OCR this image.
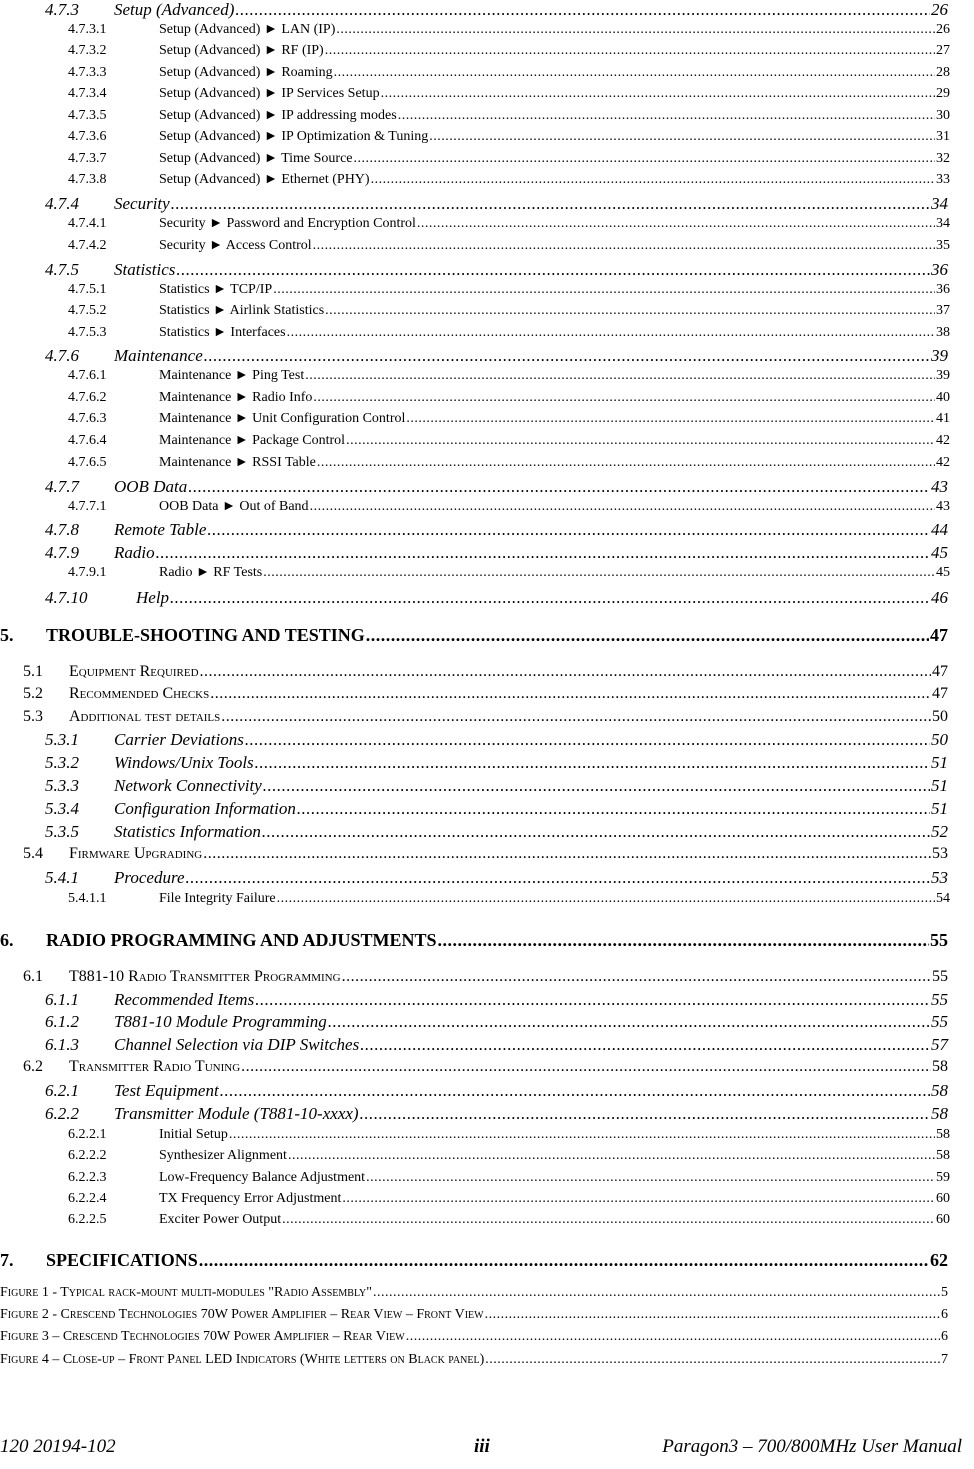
4.7.3	Setup (Advanced) .....	26
4.7.3.1	Setup (Advanced) ► LAN (IP) .....	26
4.7.3.2	Setup (Advanced) ► RF (IP) .....	27
4.7.3.3	Setup (Advanced) ► Roaming .....	28
4.7.3.4	Setup (Advanced) ► IP Services Setup .....	29
4.7.3.5	Setup (Advanced) ► IP addressing modes .....	30
4.7.3.6	Setup (Advanced) ► IP Optimization & Tuning .....	31
4.7.3.7	Setup (Advanced) ► Time Source .....	32
4.7.3.8	Setup (Advanced) ► Ethernet (PHY) .....	33
4.7.4	Security .....	34
4.7.4.1	Security ► Password and Encryption Control .....	34
4.7.4.2	Security ► Access Control .....	35
4.7.5	Statistics .....	36
4.7.5.1	Statistics ► TCP/IP .....	36
4.7.5.2	Statistics ► Airlink Statistics .....	37
4.7.5.3	Statistics ► Interfaces .....	38
4.7.6	Maintenance .....	39
4.7.6.1	Maintenance ► Ping Test .....	39
4.7.6.2	Maintenance ► Radio Info .....	40
4.7.6.3	Maintenance ► Unit Configuration Control .....	41
4.7.6.4	Maintenance ► Package Control .....	42
4.7.6.5	Maintenance ► RSSI Table .....	42
4.7.7	OOB Data .....	43
4.7.7.1	OOB Data ► Out of Band .....	43
4.7.8	Remote Table .....	44
4.7.9	Radio .....	45
4.7.9.1	Radio ► RF Tests .....	45
4.7.10	Help .....	46
5.	TROUBLE-SHOOTING AND TESTING .....	47
5.1	Equipment Required .....	47
5.2	Recommended Checks .....	47
5.3	Additional test details .....	50
5.3.1	Carrier Deviations .....	50
5.3.2	Windows/Unix Tools .....	51
5.3.3	Network Connectivity .....	51
5.3.4	Configuration Information .....	51
5.3.5	Statistics Information .....	52
5.4	Firmware Upgrading .....	53
5.4.1	Procedure .....	53
5.4.1.1	File Integrity Failure .....	54
6.	RADIO PROGRAMMING AND ADJUSTMENTS .....	55
6.1	T881-10 Radio Transmitter Programming .....	55
6.1.1	Recommended Items .....	55
6.1.2	T881-10 Module Programming .....	55
6.1.3	Channel Selection via DIP Switches .....	57
6.2	Transmitter Radio Tuning .....	58
6.2.1	Test Equipment .....	58
6.2.2	Transmitter Module (T881-10-xxxx) .....	58
6.2.2.1	Initial Setup .....	58
6.2.2.2	Synthesizer Alignment .....	58
6.2.2.3	Low-Frequency Balance Adjustment .....	59
6.2.2.4	TX Frequency Error Adjustment .....	60
6.2.2.5	Exciter Power Output .....	60
7.	SPECIFICATIONS .....	62
Figure 1 - Typical rack-mount multi-modules "Radio Assembly" .....	5
Figure 2 - Crescend Technologies 70W Power Amplifier – Rear View – Front View .....	6
Figure 3 – Crescend Technologies 70W Power Amplifier – Rear View .....	6
Figure 4 – Close-up – Front Panel LED Indicators (White letters on Black panel) .....	7
120 20194-102	iii	Paragon3 – 700/800MHz User Manual
